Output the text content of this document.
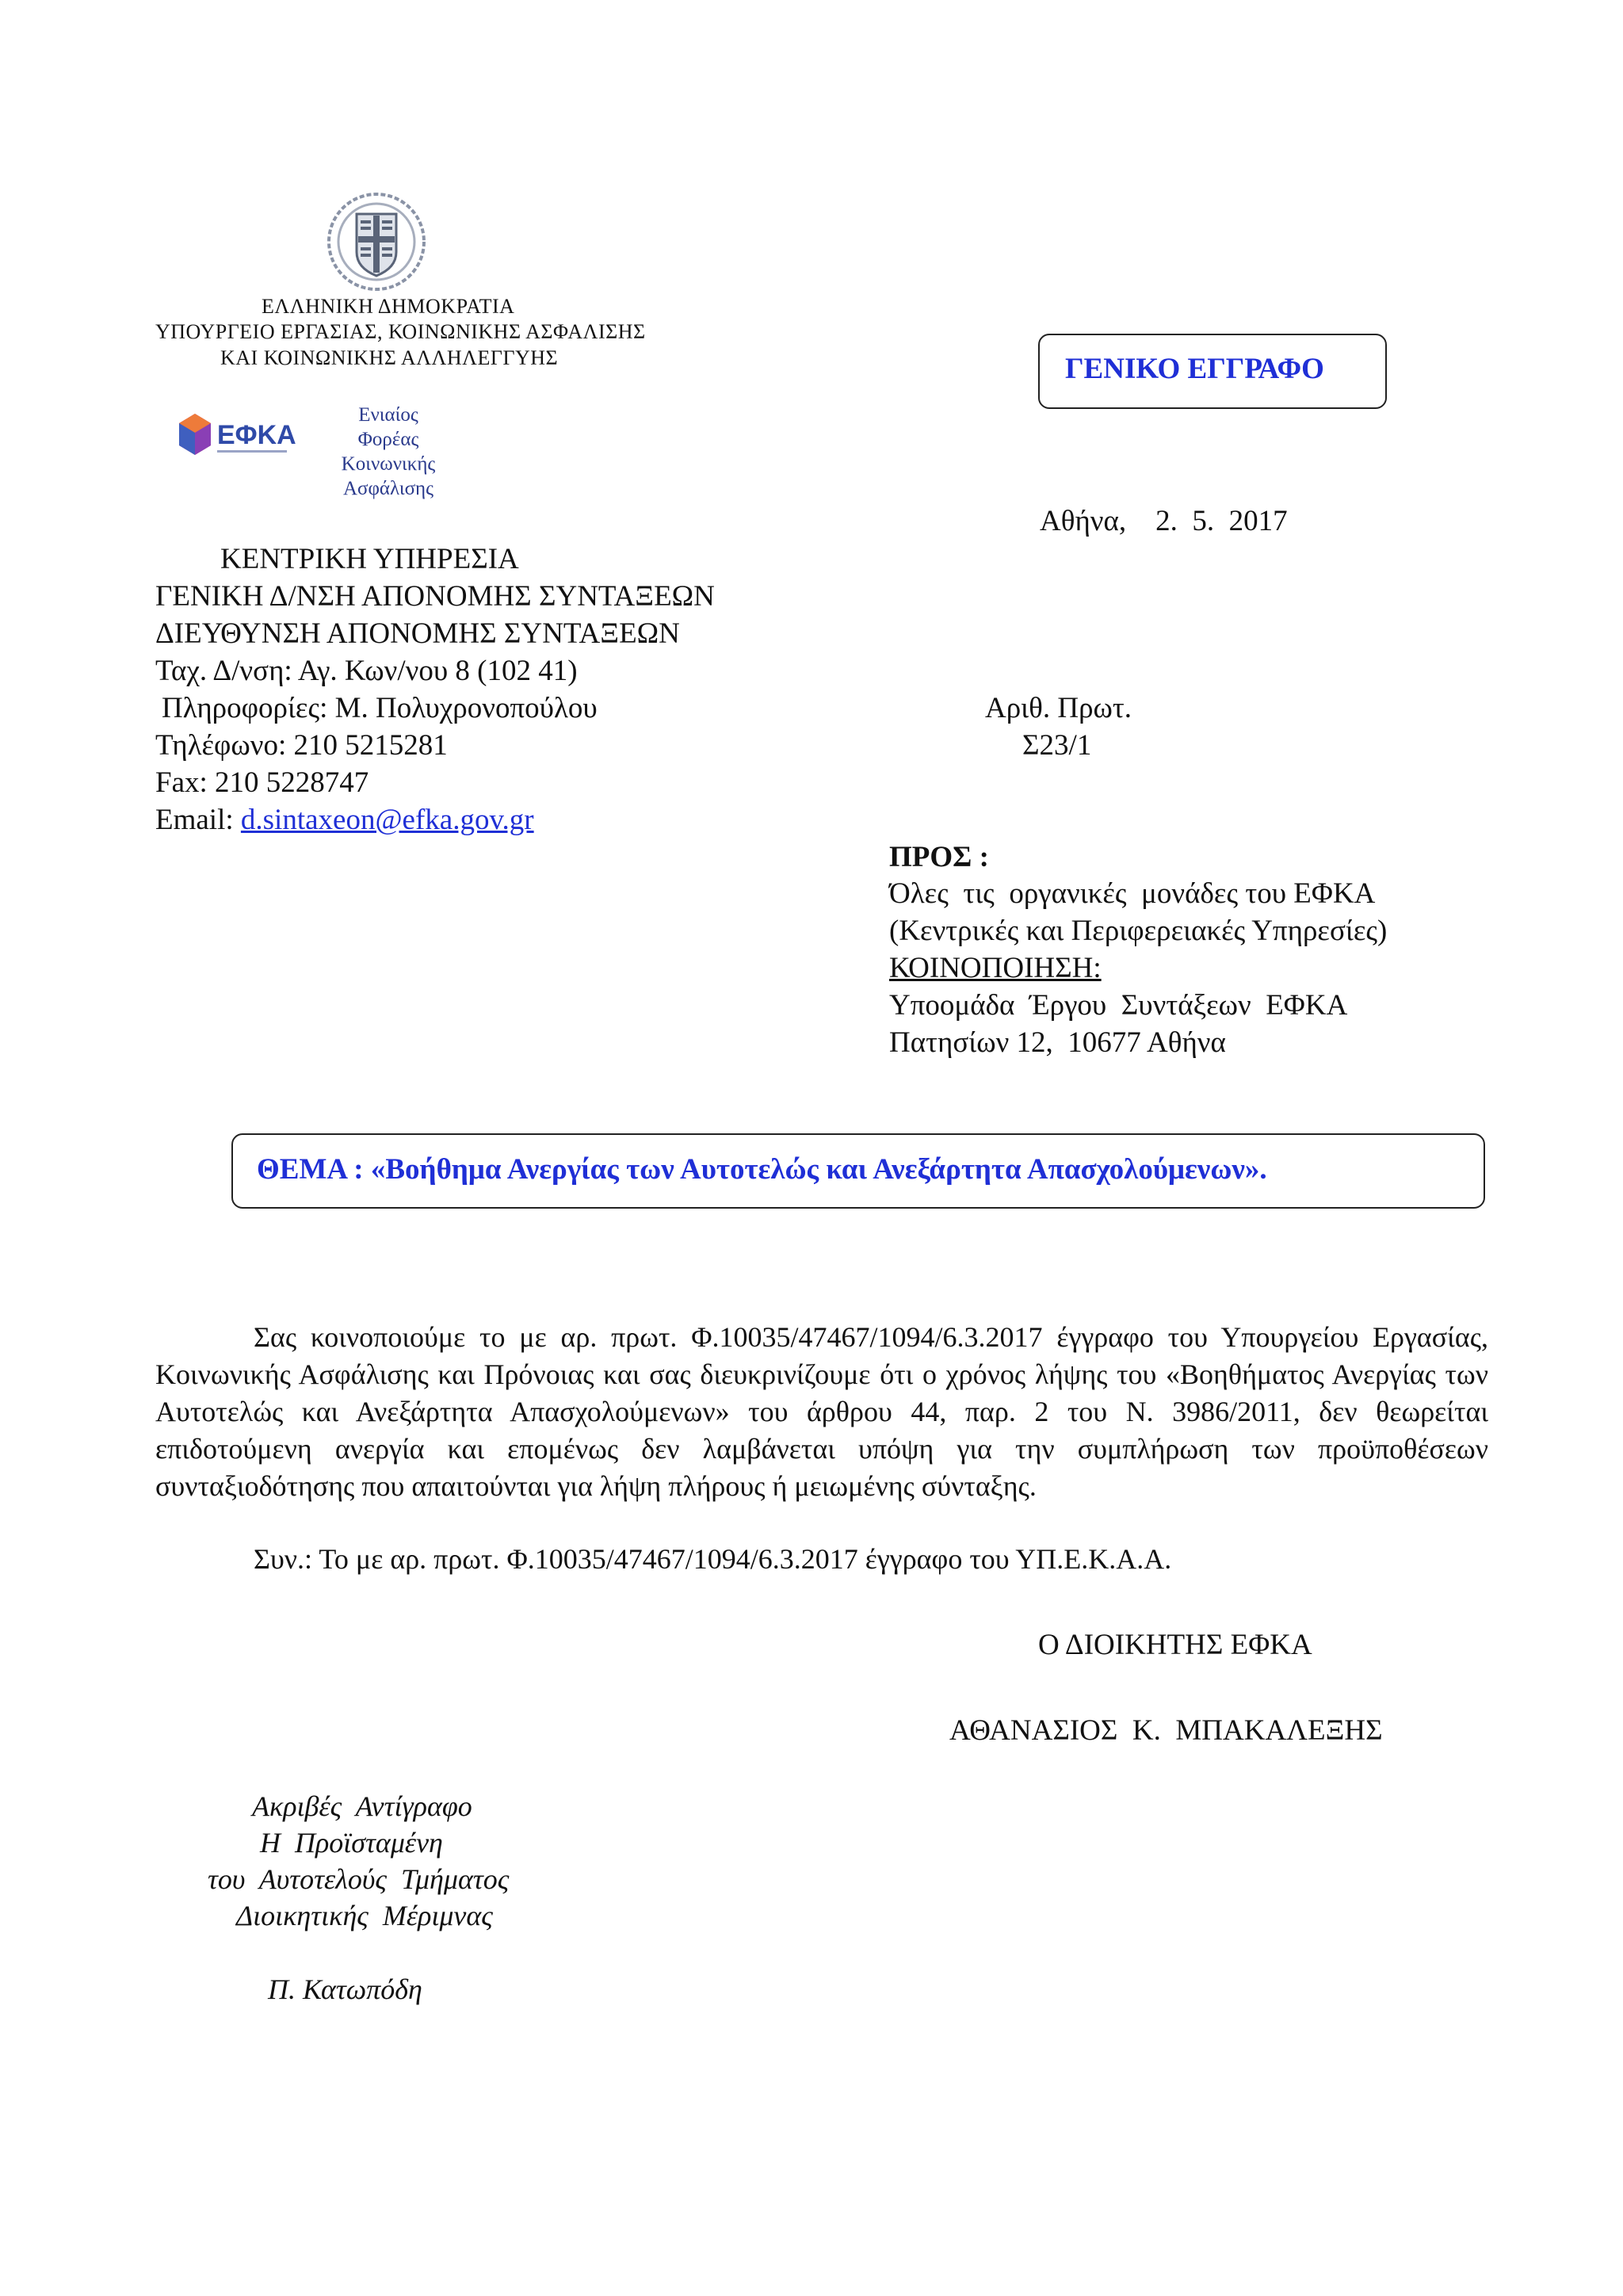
ΕΛΛΗΝΙΚΗ ΔΗΜΟΚΡΑΤΙΑ
ΥΠΟΥΡΓΕΙΟ ΕΡΓΑΣΙΑΣ, ΚΟΙΝΩΝΙΚΗΣ ΑΣΦΑΛΙΣΗΣ
ΚΑΙ ΚΟΙΝΩΝΙΚΗΣ ΑΛΛΗΛΕΓΓΥΗΣ
ΕΦΚΑ
Ενιαίος
Φορέας
Κοινωνικής
Ασφάλισης
ΓΕΝΙΚΟ ΕΓΓΡΑΦΟ
Αθήνα,    2.  5.  2017
ΚΕΝΤΡΙΚΗ ΥΠΗΡΕΣΙΑ
ΓΕΝΙΚΗ Δ/ΝΣΗ ΑΠΟΝΟΜΗΣ ΣΥΝΤΑΞΕΩΝ
ΔΙΕΥΘΥΝΣΗ ΑΠΟΝΟΜΗΣ ΣΥΝΤΑΞΕΩΝ
Ταχ. Δ/νση: Αγ. Κων/νου 8 (102 41)
Πληροφορίες: Μ. Πολυχρονοπούλου
Τηλέφωνο: 210 5215281
Fax: 210 5228747
Email: d.sintaxeon@efka.gov.gr
Αριθ. Πρωτ.
Σ23/1
ΠΡΟΣ :
Όλες  τις  οργανικές  μονάδες του ΕΦΚΑ
(Κεντρικές και Περιφερειακές Υπηρεσίες)
ΚΟΙΝΟΠΟΙΗΣΗ:
Υποομάδα  Έργου  Συντάξεων  ΕΦΚΑ
Πατησίων 12,  10677 Αθήνα
ΘΕΜΑ : «Βοήθημα Ανεργίας των Αυτοτελώς και Ανεξάρτητα Απασχολούμενων».
Σας κοινοποιούμε το με αρ. πρωτ. Φ.10035/47467/1094/6.3.2017 έγγραφο του Υπουργείου Εργασίας, Κοινωνικής Ασφάλισης και Πρόνοιας και σας διευκρινίζουμε ότι ο χρόνος λήψης του «Βοηθήματος Ανεργίας των Αυτοτελώς και Ανεξάρτητα Απασχολούμενων» του άρθρου 44, παρ. 2 του Ν. 3986/2011, δεν θεωρείται επιδοτούμενη ανεργία και επομένως δεν λαμβάνεται υπόψη για την συμπλήρωση των προϋποθέσεων συνταξιοδότησης που απαιτούνται για λήψη πλήρους ή μειωμένης σύνταξης.
Συν.: Το με αρ. πρωτ. Φ.10035/47467/1094/6.3.2017 έγγραφο του ΥΠ.Ε.Κ.Α.Α.
Ο ΔΙΟΙΚΗΤΗΣ ΕΦΚΑ
ΑΘΑΝΑΣΙΟΣ  Κ.  ΜΠΑΚΑΛΕΞΗΣ
Ακριβές  Αντίγραφο
Η  Προϊσταμένη
του  Αυτοτελούς  Τμήματος
Διοικητικής  Μέριμνας
Π. Κατωπόδη
